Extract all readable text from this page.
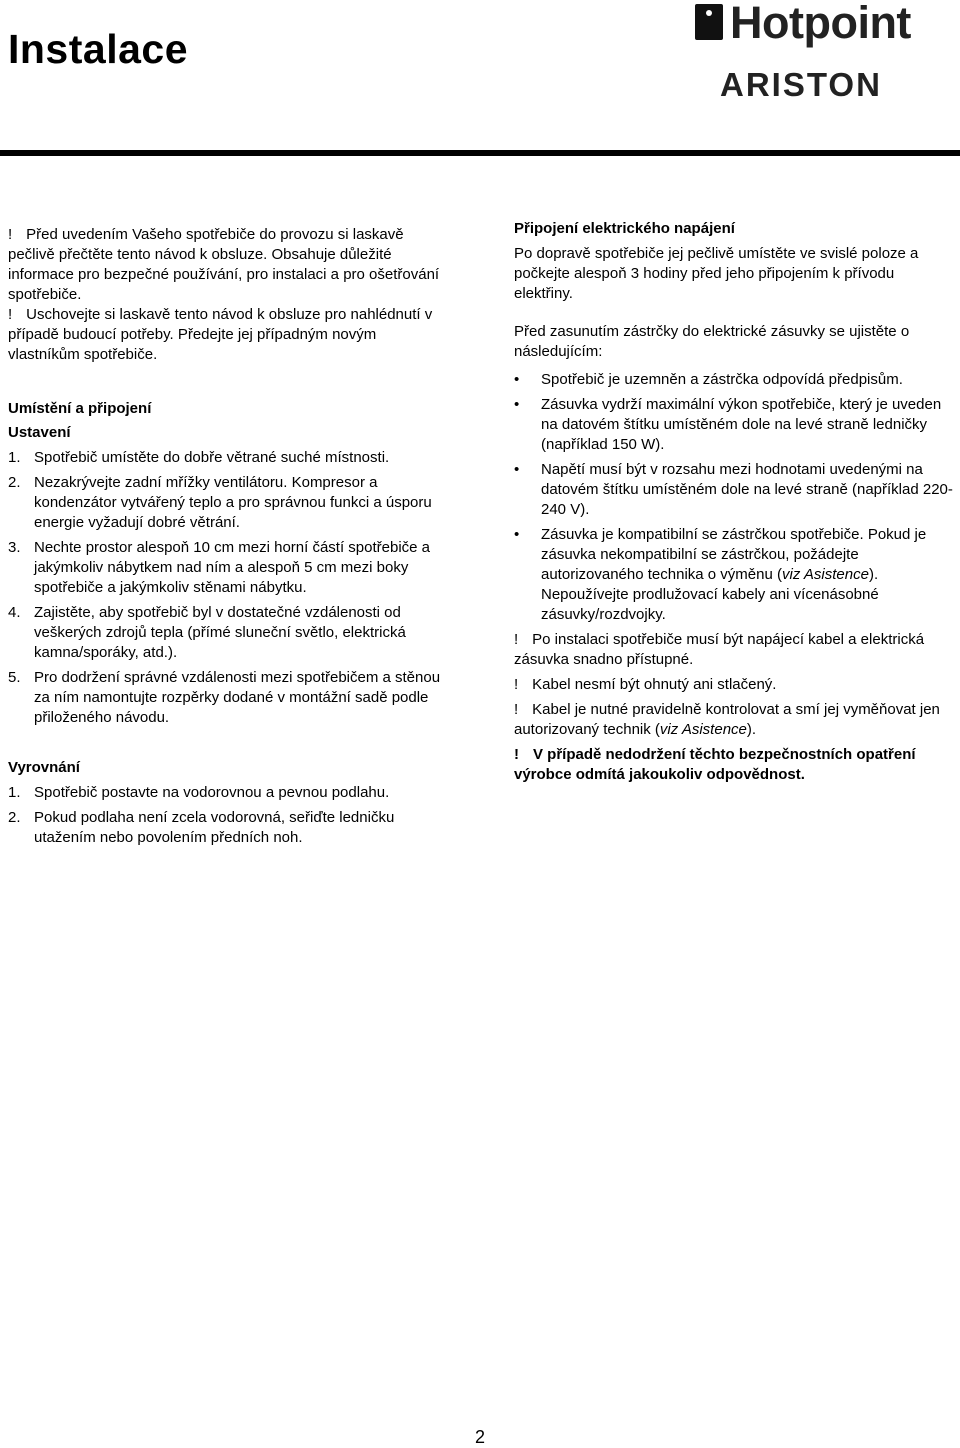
Instalace
Hotpoint
ARISTON

! Před uvedením Vašeho spotřebiče do provozu si laskavě pečlivě přečtěte tento návod k obsluze. Obsahuje důležité informace pro bezpečné používání, pro instalaci a pro ošetřování spotřebiče.

! Uschovejte si laskavě tento návod k obsluze pro nahlédnutí v případě budoucí potřeby. Předejte jej případným novým vlastníkům spotřebiče.

Umístění a připojení

Ustavení

1. Spotřebič umístěte do dobře větrané suché místnosti.

2. Nezakrývejte zadní mřížky ventilátoru. Kompresor a kondenzátor vytvářený teplo a pro správnou funkci a úsporu energie vyžadují dobré větrání.

3. Nechte prostor alespoň 10 cm mezi horní částí spotřebiče a jakýmkoliv nábytkem nad ním a alespoň 5 cm mezi boky spotřebiče a jakýmkoliv stěnami nábytku.

4. Zajistěte, aby spotřebič byl v dostatečné vzdálenosti od veškerých zdrojů tepla (přímé sluneční světlo, elektrická kamna/sporáky, atd.).

5. Pro dodržení správné vzdálenosti mezi spotřebičem a stěnou za ním namontujte rozpěrky dodané v montážní sadě podle přiloženého návodu.

Vyrovnání

1. Spotřebič postavte na vodorovnou a pevnou podlahu.

2. Pokud podlaha není zcela vodorovná, seřiďte ledničku utažením nebo povolením předních noh.

Připojení elektrického napájení

Po dopravě spotřebiče jej pečlivě umístěte ve svislé poloze a počkejte alespoň 3 hodiny před jeho připojením k přívodu elektřiny.

Před zasunutím zástrčky do elektrické zásuvky se ujistěte o následujícím:

• Spotřebič je uzemněn a zástrčka odpovídá předpisům.
• Zásuvka vydrží maximální výkon spotřebiče, který je uveden na datovém štítku umístěném dole na levé straně ledničky (například 150 W).
• Napětí musí být v rozsahu mezi hodnotami uvedenými na datovém štítku umístěném dole na levé straně (například 220-240 V).
• Zásuvka je kompatibilní se zástrčkou spotřebiče. Pokud je zásuvka nekompatibilní se zástrčkou, požádejte autorizovaného technika o výměnu (viz Asistence). Nepoužívejte prodlužovací kabely ani vícenásobné zásuvky/rozdvojky.

! Po instalaci spotřebiče musí být napájecí kabel a elektrická zásuvka snadno přístupné.

! Kabel nesmí být ohnutý ani stlačený.

! Kabel je nutné pravidelně kontrolovat a smí jej vyměňovat jen autorizovaný technik (viz Asistence).

! V případě nedodržení těchto bezpečnostních opatření výrobce odmítá jakoukoliv odpovědnost.

2
